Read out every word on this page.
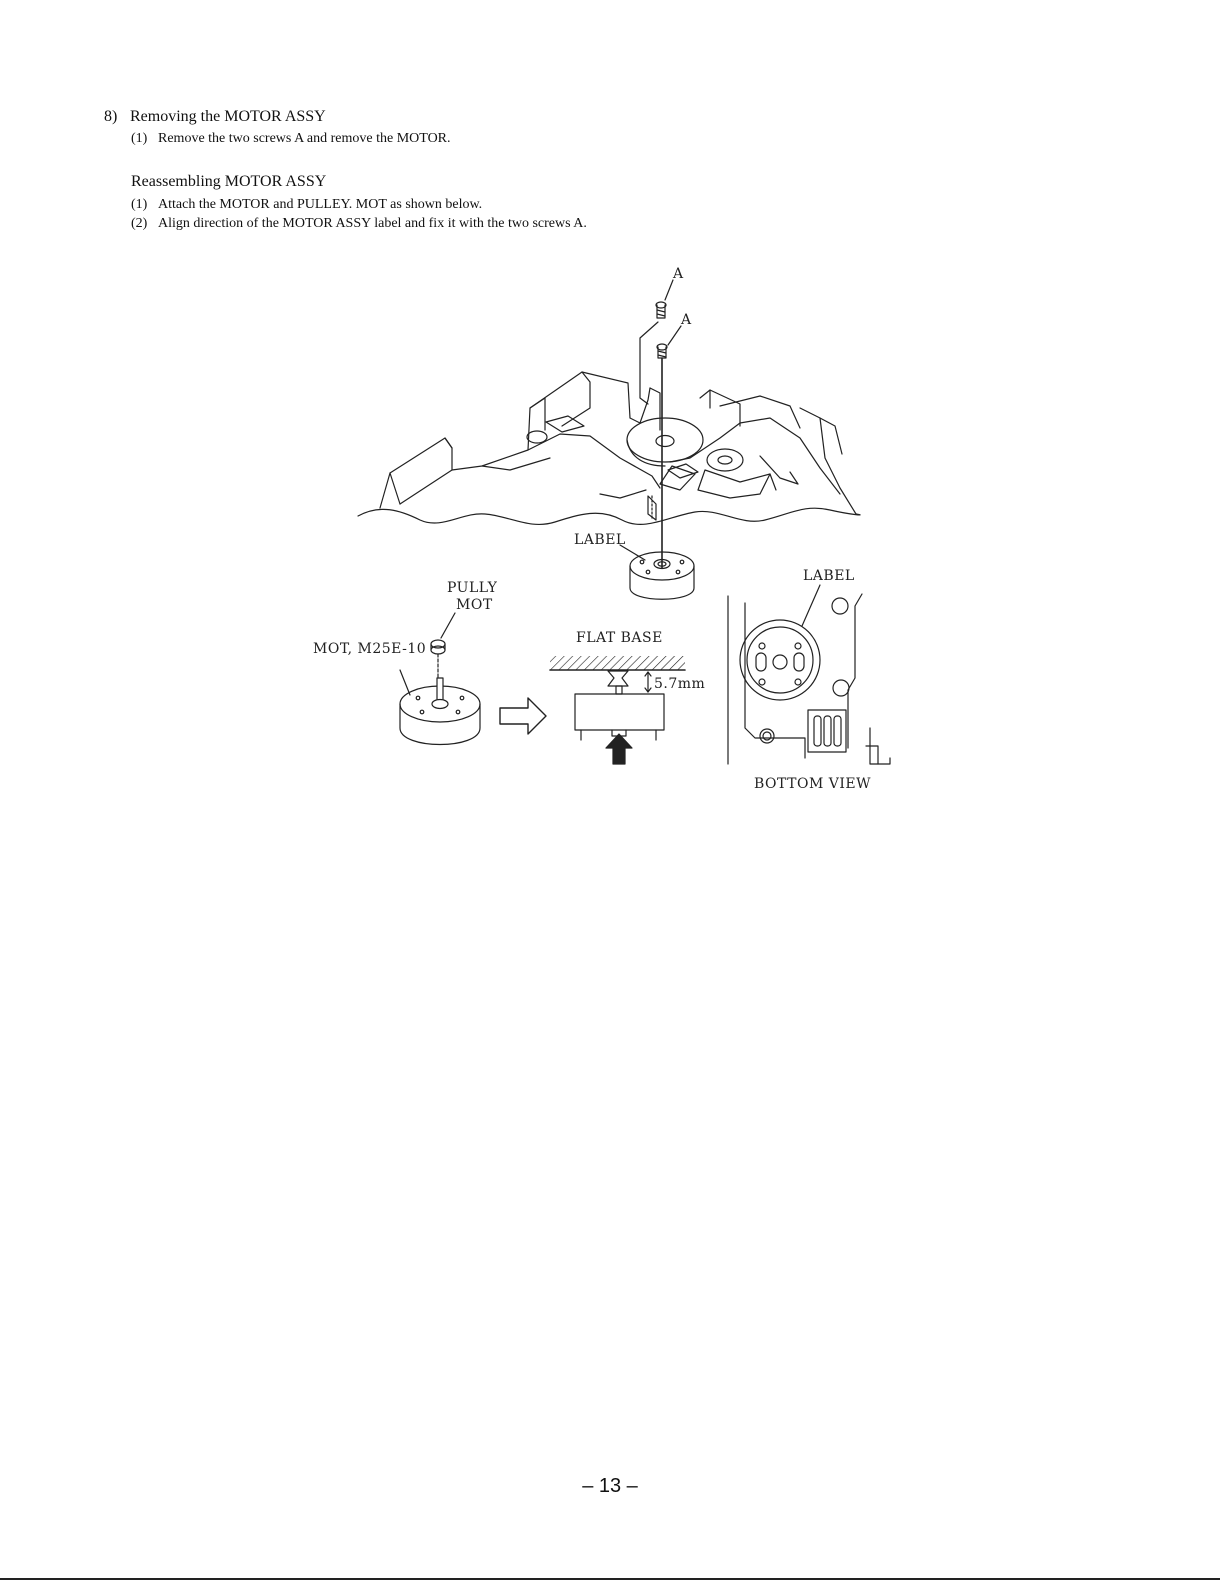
8) Removing the MOTOR ASSY
(1) Remove the two screws A and remove the MOTOR.
Reassembling MOTOR ASSY
(1) Attach the MOTOR and PULLEY. MOT as shown below.
(2) Align direction of the MOTOR ASSY label and fix it with the two screws A.
A
A
LABEL
LABEL
PULLY
MOT
MOT, M25E-10
FLAT BASE
5.7mm
BOTTOM VIEW
– 13 –
